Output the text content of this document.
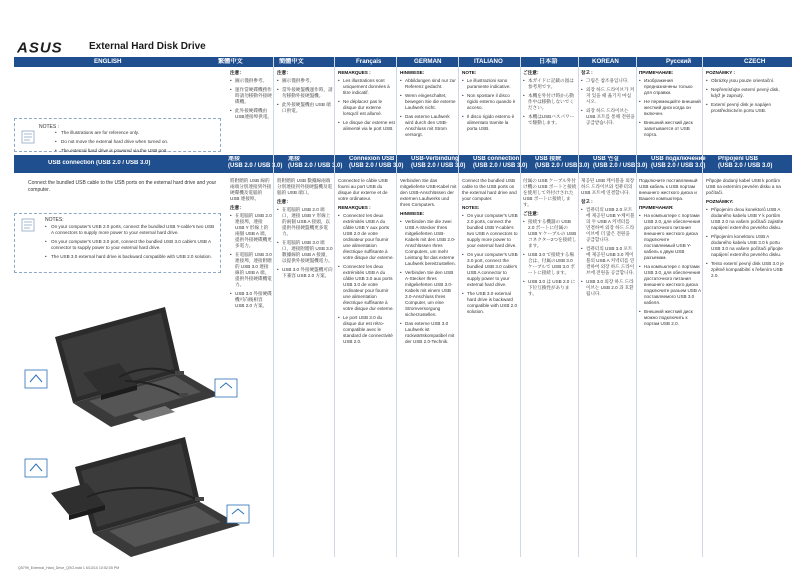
ASUS	External Hard Disk Drive
ENGLISH	繁體中文	簡體中文	Français	GERMAN	ITALIANO	日本語	KOREAN	Русский	CZECH
NOTES :
• The illustrations are for reference only.
• Do not move the external hard drive when turned on.
• The external hard drive is powered via the USB port.
USB connection (USB 2.0 / USB 3.0)
連接
(USB 2.0 / USB 3.0)
連接
(USB 2.0 / USB 3.0)
Connexion USB
(USB 2.0 / USB 3.0)
USB-Verbindung
(USB 2.0 / USB 3.0)
USB connection
(USB 2.0 / USB 3.0)
USB 接続
(USB 2.0 / USB 3.0)
USB 연결
(USB 2.0 / USB 3.0)
USB подключение
(USB 2.0 / USB 3.0)
Připojení USB
(USB 2.0 / USB 3.0)
Connect the bundled USB cable to the USB ports on the external hard drive and your computer.
NOTES:
• On your computer's USB 2.0 ports, connect the bundled USB Y-cable's two USB A connectors to supply more power to your external hard drive.
• On your computer's USB 3.0 port, connect the bundled USB 3.0 cable's USB A connector to supply power to your external hard drive.
• The USB 3.0 external hard drive is backward compatible with USB 2.0 solution.
注意：
• 圖示僅供參考。
• 運作當硬碟機務作時請勿移動外接硬碟機。
• 此外接硬碟機由USB連接埠供電。
注意：
• 圖示僅供參考。
• 當外接硬盤機運作時，請勿移動外接硬盤機。
• 此外接硬盤機由 USB 端口供電。
REMARQUES :
• Les illustrations sont uniquement données à titre indicatif.
• Ne déplacez pas le disque dur externe lorsqu'il est allumé.
• Le disque dur externe est alimenté via le port USB.
HINWEISE:
• Abbildungen sind nur zur Referenz gedacht.
• Wenn eingeschaltet, bewegen Sie die externe Laufwerk nicht.
• Das externe Laufwerk wird durch den USB-Anschluss mit Strom versorgt.
NOTE:
• Le illustrazioni sono puramente indicative.
• Non spostare il disco rigido esterno quando è acceso.
• Il disco rigido esterno è alimentato tramite la porta USB.
ご注意：
• 本ガイドに記載の図は参考用です。
• 本機を外付け時から動作中は移動しないでください。
• 本機はUSBバスパワーで駆動します。
참고 :
• 그림은 참조용입니다.
• 외장 하드 드라이브가 켜져 있을 때 옮기지 마십시오.
• 외장 하드 드라이브는 USB 포트를 통해 전원을 공급받습니다.
ПРИМЕЧАНИЕ:
• Изображения предназначены только для справки.
• Не перемещайте внешний жесткий диск когда он включен.
• Внешний жесткий диск запитывается от USB порта.
POZNÁMKY :
• Obrázky jsou pouze orientační.
• Nepřemísťujte externí pevný disk, když je zapnutý.
• Externí pevný disk je napájen prostřednictvím portu USB.

將附贈的 USB 線的兩端分別連接到外接硬碟機及電腦的 USB 連接埠。

注意：
• 在電腦的 USB 2.0 連接埠，連接 USB Y 形線上的兩個 USB A 端，提供外接硬碟機更多電力。
• 在電腦的 USB 3.0 連接埠，連接附贈的 USB 3.0 連接線的 USB A 端，提供外接硬碟機電力。
• USB 3.0 外接硬碟機可向後相容 USB 2.0 方案。

將附贈的 USB 數據線兩端分別連接到外接硬盤機及電腦的 USB 端口。

注意：
• 在電腦的 USB 2.0 端口，連接 USB Y 形線上的兩個 USB A 接頭，以提供外接硬盤機更多電力。
• 在電腦的 USB 3.0 端口，連接附贈的 USB 3.0 數據線的 USB A 接頭，以提供外接硬盤機電力。
• USB 3.0 外接硬盤機可向下兼容 USB 2.0 方案。

Connectez le câble USB fourni au port USB du disque dur externe et de votre ordinateur.

REMARQUES :
• Connectez les deux extrémités USB A du câble USB Y aux ports USB 2.0 de votre ordinateur pour fournir une alimentation électrique suffisante à votre disque dur externe.
• Connectez les deux extrémités USB A du câble USB 3.0 aux ports USB 3.0 de votre ordinateur pour fournir une alimentation électrique suffisante à votre disque dur externe.
• Le port USB 3.0 du disque dur est rétro-compatible avec le standard de connectivité USB 2.0.

Verbinden Sie das mitgelieferte USB-Kabel mit den USB-Anschlüssen der externen Laufwerks und Ihres Computers.

HINWEISE:
• Verbinden Sie die zwei USB A-Stecker Ihres mitgelieferten USB-Kabels mit den USB 2.0-Anschlüssen Ihres Computers, um mehr Leistung für das externe Laufwerk bereitzustellen.
• Verbinden Sie den USB A-Stecker Ihres mitgelieferten USB 3.0-Kabels mit einem USB 3.0-Anschluss Ihres Computer, um eine Stromversorgung sicherzustellen.
• Das externe USB 3.0 Laufwerk ist rückwärtskompatibel mit der USB 2.0-Technik.

Connect the bundled USB cable to the USB ports on the external hard drive and your computer.

NOTES:
• On your computer's USB 2.0 ports, connect the bundled USB Y-cable's two USB A connectors to supply more power to your external hard drive.
• On your computer's USB 3.0 port, connect the bundled USB 3.0 cable's USB A connector to supply power to your external hard drive.
• The USB 3.0 external hard drive is backward compatible with USB 2.0 solution.

付属の USB ケーブル外付け機の USB ポートと接続を使用して外付けされた USB ポートに接続します。

ご注意：
• 接続する機器の USB 2.0 ポートに付属のUSB Y ケーブルの USB コネクター2つを接続します。
• USB 3.0 で接続する場合は、付属のUSB 3.0ケーブルで USB 3.0 ポートに接続します。
• USB 3.0 は USB 2.0 に下位互換性があります。

제공된 USB 케이블을 외장 하드 드라이브와 컴퓨터의 USB 포트에 연결합니다.

참고 :
• 컴퓨터의 USB 2.0 포트에 제공된 USB Y-케이블의 두 USB A 커넥터를 연결하여 외장 하드 드라이브에 더 많은 전원을 공급합니다.
• 컴퓨터의 USB 3.0 포트에 제공된 USB 3.0 케이블의 USB A 커넥터를 연결하여 외장 하드 드라이브에 전원을 공급합니다.
• USB 3.0 외장 하드 드라이브는 USB 2.0 과 호환됩니다.

Подключите поставляемый USB кабель к USB портам внешнего жесткого диска и Вашего компьютера.

ПРИМЕЧАНИЯ:
• На компьютере с портами USB 2.0, для обеспечения достаточного питания внешнего жесткого диска подключите поставляемый USB Y-кабель к двум USB разъемам.
• На компьютере с портами USB 3.0, для обеспечения достаточного питания внешнего жесткого диска подключите разъем USB A поставляемого USB 3.0 кабеля.
• Внешний жесткий диск можно подключить к портам USB 2.0.

Připojte dodaný kabel USB k portům USB na externím pevném disku a na počítači.

POZNÁMKY:
• Připojením dvou konektorů USB A dodaného kabelu USB Y k portům USB 2.0 na vašem počítači zajistíte napájení externího pevného disku.
• Připojením konektoru USB A dodaného kabelu USB 3.0 k portu USB 3.0 na vašem počítači připojte napájení externího pevného disku.
• Tento externí pevný disk USB 3.0 je zpětně kompatibilní s řešením USB 2.0.
Q5799_External_Hard_Drive_QSG.indd 1 6/13/10 10:52:05 PM
